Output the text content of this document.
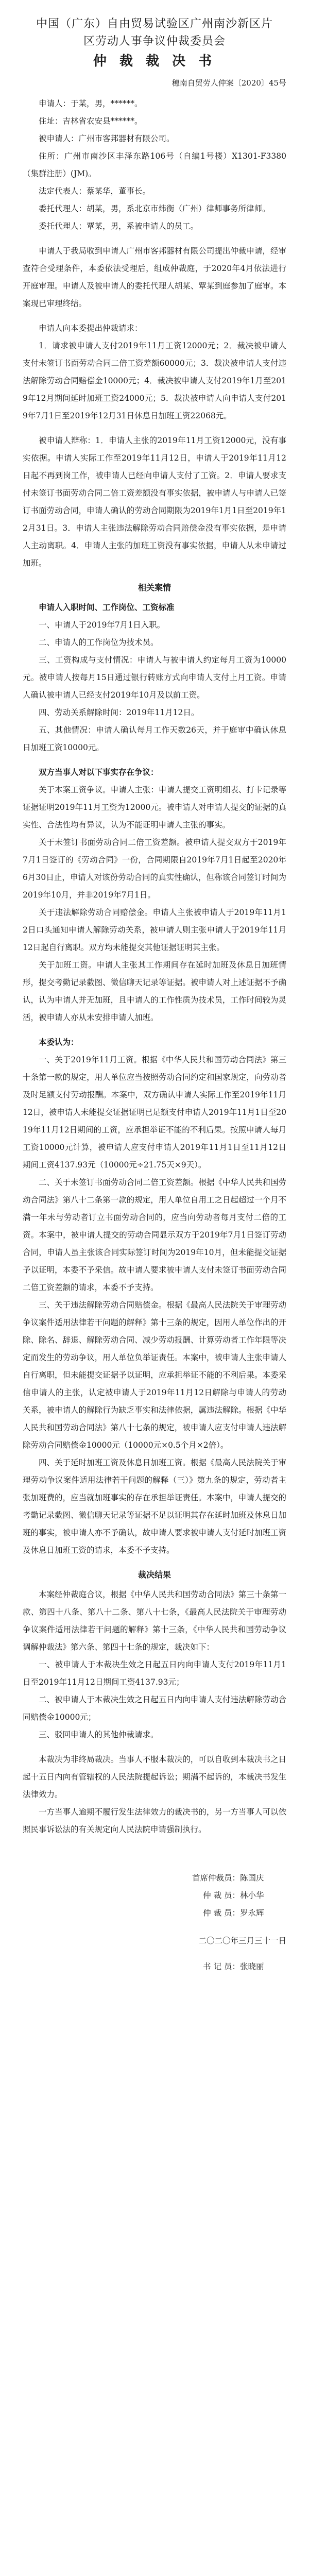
中国（广东）自由贸易试验区广州南沙新区片
区劳动人事争议仲裁委员会
仲 裁 裁 决 书
穗南自贸劳人仲案〔2020〕45号

申请人：于某，男，******。

住址：吉林省农安县******。

被申请人：广州市客邦器材有限公司。

住所：广州市南沙区丰泽东路106号（自编1号楼）X1301-F3380（集群注册）(JM)。

法定代表人：蔡某华，董事长。

委托代理人：胡某，男，系北京市炜衡（广州）律师事务所律师。

委托代理人：覃某，男，系被申请人的员工。

申请人于我局收到申请人广州市客邦器材有限公司提出仲裁申请，经审查符合受理条件，本委依法受理后，组成仲裁庭，于2020年4月依法进行开庭审理。申请人及被申请人的委托代理人胡某、覃某到庭参加了庭审。本案现已审理终结。

申请人向本委提出仲裁请求：

1．请求被申请人支付2019年11月工资12000元；2．裁决被申请人支付未签订书面劳动合同二倍工资差额60000元；3．裁决被申请人支付违法解除劳动合同赔偿金10000元；4．裁决被申请人支付2019年1月至2019年12月期间延时加班工资24000元；5．裁决被申请人向申请人支付2019年7月1日至2019年12月31日休息日加班工资22068元。

被申请人辩称：1．申请人主张的2019年11月工资12000元，没有事实依据。申请人实际工作至2019年11月12日，申请人于2019年11月12日起不再到岗工作，被申请人已经向申请人支付了工资。2．申请人要求支付未签订书面劳动合同二倍工资差额没有事实依据，被申请人与申请人已签订书面劳动合同，申请人确认的劳动合同期限为2019年1月1日至2019年12月31日。3．申请人主张违法解除劳动合同赔偿金没有事实依据，是申请人主动离职。4．申请人主张的加班工资没有事实依据，申请人从未申请过加班。

相关案情
申请人入职时间、工作岗位、工资标准

一、申请人于2019年7月1日入职。

二、申请人的工作岗位为技术员。

三、工资构成与支付情况：申请人与被申请人约定每月工资为10000元。被申请人按每月15日通过银行转账方式向申请人支付上月工资。申请人确认被申请人已经支付2019年10月及以前工资。

四、劳动关系解除时间：2019年11月12日。

五、其他情况：申请人确认每月工作天数26天，并于庭审中确认休息日加班工资10000元。

双方当事人对以下事实存在争议：

关于本案工资争议。申请人主张：申请人提交工资明细表、打卡记录等证据证明2019年11月工资为12000元。被申请人对申请人提交的证据的真实性、合法性均有异议，认为不能证明申请人主张的事实。

关于未签订书面劳动合同二倍工资差额。被申请人提交双方于2019年7月1日签订的《劳动合同》一份，合同期限自2019年7月1日起至2020年6月30日止，申请人对该份劳动合同的真实性确认，但称该合同签订时间为2019年10月，并非2019年7月1日。

关于违法解除劳动合同赔偿金。申请人主张被申请人于2019年11月12日口头通知申请人解除劳动关系，被申请人则主张申请人于2019年11月12日起自行离职。双方均未能提交其他证据证明其主张。

关于加班工资。申请人主张其工作期间存在延时加班及休息日加班情形，提交考勤记录截图、微信聊天记录等证据。被申请人对上述证据不予确认，认为申请人并无加班，且申请人的工作性质为技术员，工作时间较为灵活，被申请人亦从未安排申请人加班。

本委认为：

一、关于2019年11月工资。根据《中华人民共和国劳动合同法》第三十条第一款的规定，用人单位应当按照劳动合同约定和国家规定，向劳动者及时足额支付劳动报酬。本案中，双方确认申请人实际工作至2019年11月12日，被申请人未能提交证据证明已足额支付申请人2019年11月1日至2019年11月12日期间的工资，应承担举证不能的不利后果。按照申请人每月工资10000元计算，被申请人应支付申请人2019年11月1日至11月12日期间工资4137.93元（10000元÷21.75天×9天）。

二、关于未签订书面劳动合同二倍工资差额。根据《中华人民共和国劳动合同法》第八十二条第一款的规定，用人单位自用工之日起超过一个月不满一年未与劳动者订立书面劳动合同的，应当向劳动者每月支付二倍的工资。本案中，被申请人提交的劳动合同显示双方于2019年7月1日签订劳动合同，申请人虽主张该合同实际签订时间为2019年10月，但未能提交证据予以证明，本委不予采信。故申请人要求被申请人支付未签订书面劳动合同二倍工资差额的请求，本委不予支持。

三、关于违法解除劳动合同赔偿金。根据《最高人民法院关于审理劳动争议案件适用法律若干问题的解释》第十三条的规定，因用人单位作出的开除、除名、辞退、解除劳动合同、减少劳动报酬、计算劳动者工作年限等决定而发生的劳动争议，用人单位负举证责任。本案中，被申请人主张申请人自行离职，但未能提交证据予以证明，应承担举证不能的不利后果。本委采信申请人的主张，认定被申请人于2019年11月12日解除与申请人的劳动关系，被申请人的解除行为缺乏事实和法律依据，属违法解除。根据《中华人民共和国劳动合同法》第八十七条的规定，被申请人应支付申请人违法解除劳动合同赔偿金10000元（10000元×0.5个月×2倍）。

四、关于延时加班工资及休息日加班工资。根据《最高人民法院关于审理劳动争议案件适用法律若干问题的解释（三）》第九条的规定，劳动者主张加班费的，应当就加班事实的存在承担举证责任。本案中，申请人提交的考勤记录截图、微信聊天记录等证据不足以证明其存在延时加班及休息日加班的事实，被申请人亦不予确认，故申请人要求被申请人支付延时加班工资及休息日加班工资的请求，本委不予支持。

裁决结果

本案经仲裁庭合议，根据《中华人民共和国劳动合同法》第三十条第一款、第四十八条、第八十二条、第八十七条，《最高人民法院关于审理劳动争议案件适用法律若干问题的解释》第十三条，《中华人民共和国劳动争议调解仲裁法》第六条、第四十七条的规定，裁决如下：

一、被申请人于本裁决生效之日起五日内向申请人支付2019年11月1日至2019年11月12日期间工资4137.93元；

二、被申请人于本裁决生效之日起五日内向申请人支付违法解除劳动合同赔偿金10000元；

三、驳回申请人的其他仲裁请求。

本裁决为非终局裁决。当事人不服本裁决的，可以自收到本裁决书之日起十五日内向有管辖权的人民法院提起诉讼；期满不起诉的，本裁决书发生法律效力。

一方当事人逾期不履行发生法律效力的裁决书的，另一方当事人可以依照民事诉讼法的有关规定向人民法院申请强制执行。

首席仲裁员： 陈国庆
仲 裁 员： 林小华
仲 裁 员： 罗永辉
二〇二〇年三月三十一日
书 记 员： 张晓丽
